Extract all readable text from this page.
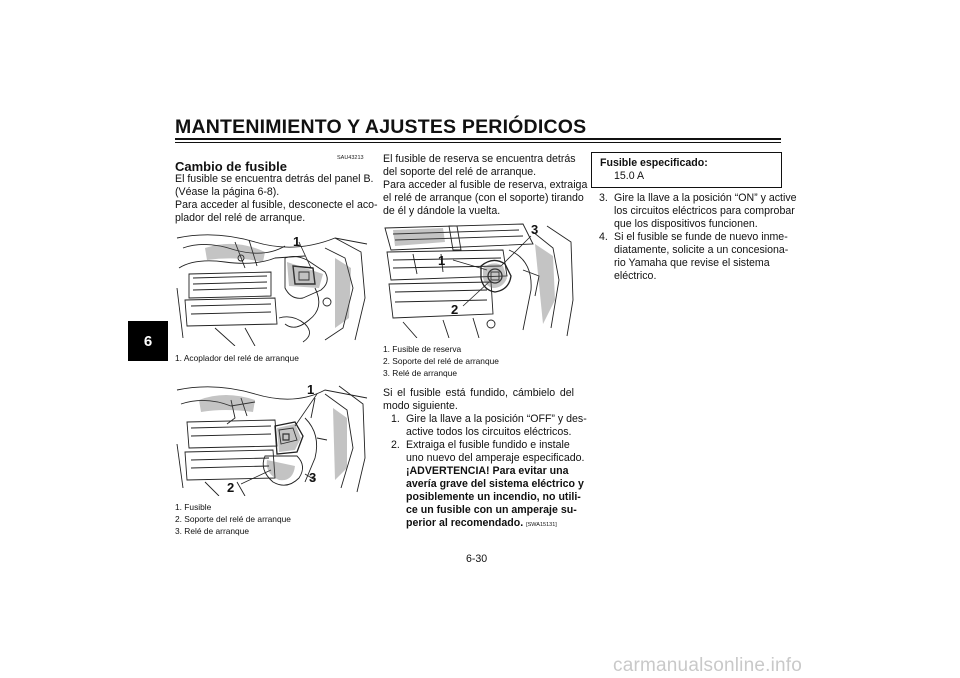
MANTENIMIENTO Y AJUSTES PERIÓDICOS
6
SAU43213
Cambio de fusible
El fusible se encuentra detrás del panel B.
(Véase la página 6-8).
Para acceder al fusible, desconecte el aco-
plador del relé de arranque.
1
1. Acoplador del relé de arranque
1
2
3
1. Fusible
2. Soporte del relé de arranque
3. Relé de arranque
El fusible de reserva se encuentra detrás
del soporte del relé de arranque.
Para acceder al fusible de reserva, extraiga
el relé de arranque (con el soporte) tirando
de él y dándole la vuelta.
1
2
3
1. Fusible de reserva
2. Soporte del relé de arranque
3. Relé de arranque
Si el fusible está fundido, cámbielo del
modo siguiente.
1. Gire la llave a la posición “OFF” y des-
active todos los circuitos eléctricos.
2. Extraiga el fusible fundido e instale
uno nuevo del amperaje especificado.
¡ADVERTENCIA! Para evitar una
avería grave del sistema eléctrico y
posiblemente un incendio, no utili-
ce un fusible con un amperaje su-
perior al recomendado. [SWA15131]
Fusible especificado:
15.0 A
3. Gire la llave a la posición “ON” y active
los circuitos eléctricos para comprobar
que los dispositivos funcionen.
4. Si el fusible se funde de nuevo inme-
diatamente, solicite a un concesiona-
rio Yamaha que revise el sistema
eléctrico.
6-30
carmanualsonline.info
